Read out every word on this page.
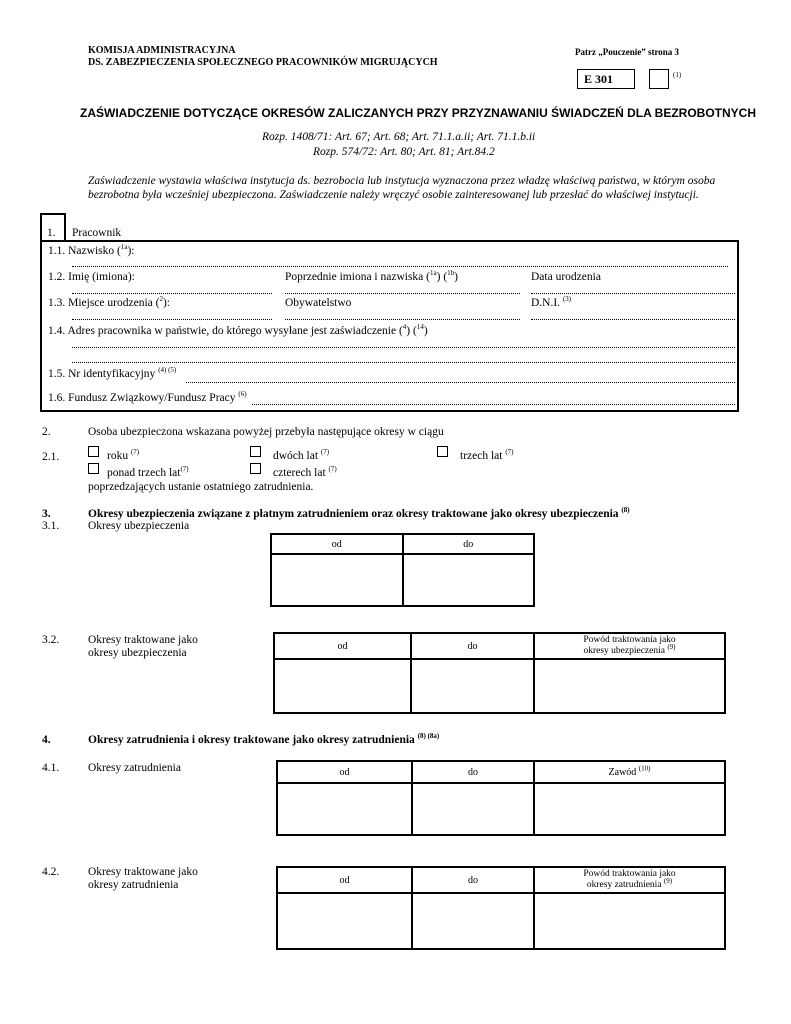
KOMISJA ADMINISTRACYJNA
DS. ZABEZPIECZENIA SPOŁECZNEGO PRACOWNIKÓW MIGRUJĄCYCH
Patrz „Pouczenie” strona 3
E 301	(1)
ZAŚWIADCZENIE DOTYCZĄCE OKRESÓW ZALICZANYCH PRZY PRZYZNAWANIU ŚWIADCZEŃ DLA BEZROBOTNYCH
Rozp. 1408/71: Art. 67; Art. 68; Art. 71.1.a.ii; Art. 71.1.b.ii
Rozp. 574/72: Art. 80; Art. 81; Art.84.2
Zaświadczenie wystawia właściwa instytucja ds. bezrobocia lub instytucja wyznaczona przez władzę właściwą państwa, w którym osoba
bezrobotna była wcześniej ubezpieczona. Zaświadczenie należy wręczyć osobie zainteresowanej lub przesłać do właściwej instytucji.
1. Pracownik
1.1. Nazwisko ($^{1a}$):
1.2. Imię (imiona):	Poprzednie imiona i nazwiska ($^{1a}$) ($^{1b}$)	Data urodzenia
1.3. Miejsce urodzenia ($^2$):	Obywatelstwo	D.N.I. $^{(3)}$
1.4. Adres pracownika w państwie, do którego wysyłane jest zaświadczenie ($^4$) ($^{14}$)
1.5. Nr identyfikacyjny $^{(4) (5)}$
1.6. Fundusz Związkowy/Fundusz Pracy $^{(6)}$
2.	Osoba ubezpieczona wskazana powyżej przebyła następujące okresy w ciągu
2.1.	roku $^{(7)}$	dwóch lat $^{(7)}$	trzech lat $^{(7)}$
ponad trzech lat$^{(7)}$	czterech lat $^{(7)}$
poprzedzających ustanie ostatniego zatrudnienia.
3.	Okresy ubezpieczenia związane z płatnym zatrudnieniem oraz okresy traktowane jako okresy ubezpieczenia $^{(8)}$
3.1.	Okresy ubezpieczenia
od	do

3.2.	Okresy traktowane jako
okresy ubezpieczenia
od	do	Powód traktowania jako
okresy ubezpieczenia $^{(9)}$

4.	Okresy zatrudnienia i okresy traktowane jako okresy zatrudnienia $^{(8) (8a)}$
4.1.	Okresy zatrudnienia	od	do	Zawód $^{(10)}$

4.2.	Okresy traktowane jako
okresy zatrudnienia	od	do	Powód traktowania jako
okresy zatrudnienia $^{(9)}$
